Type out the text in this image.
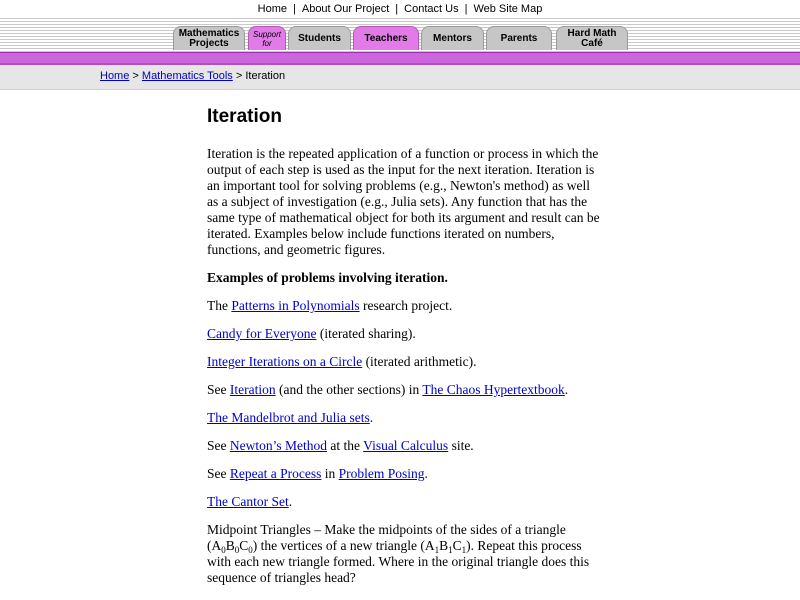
Home | About Our Project | Contact Us | Web Site Map
Mathematics
Projects
Support
for	Students Teachers	Mentors	Parents	Hard Math
Café
Home > Mathematics Tools > Iteration
Iteration

Iteration is the repeated application of a function or process in which the output of each step is used as the input for the next iteration. Iteration is an important tool for solving problems (e.g., Newton's method) as well as a subject of investigation (e.g., Julia sets). Any function that has the same type of mathematical object for both its argument and result can be iterated. Examples below include functions iterated on numbers, functions, and geometric figures.

Examples of problems involving iteration.

The Patterns in Polynomials research project.

Candy for Everyone (iterated sharing).

Integer Iterations on a Circle (iterated arithmetic).

See Iteration (and the other sections) in The Chaos Hypertextbook.

The Mandelbrot and Julia sets.

See Newton’s Method at the Visual Calculus site.

See Repeat a Process in Problem Posing.

The Cantor Set.

Midpoint Triangles – Make the midpoints of the sides of a triangle $(A_0B_0C_0)$ the vertices of a new triangle $(A_1B_1C_1)$. Repeat this process with each new triangle formed. Where in the original triangle does this sequence of triangles head?
